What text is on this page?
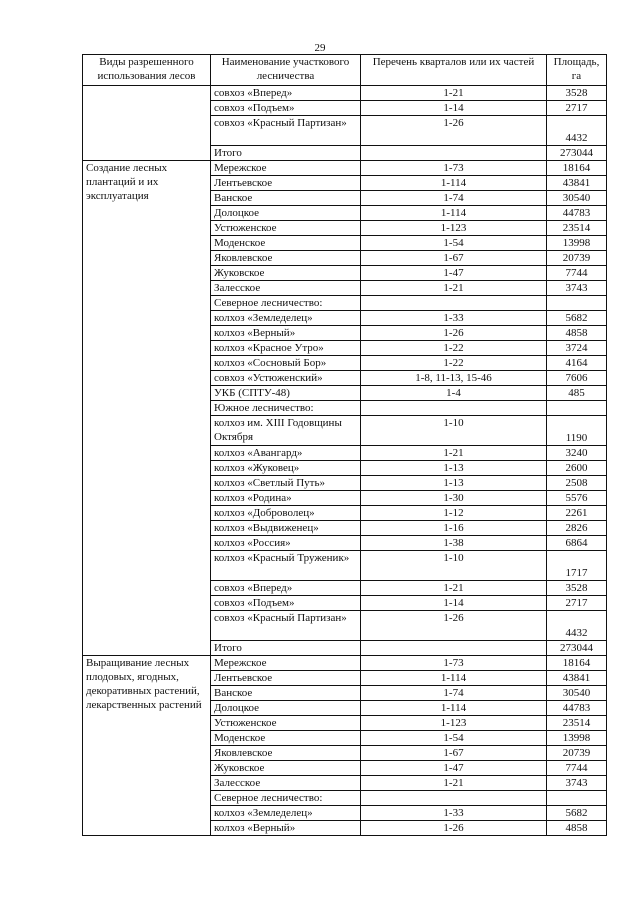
29
Виды разрешенного использования лесов	Наименование участкового лесничества	Перечень кварталов или их частей	Площадь, га

	совхоз «Вперед»	1-21	3528
	совхоз «Подъем»	1-14	2717
	совхоз «Красный Партизан»	1-26	4432
	Итого		273044

Создание лесных плантаций и их эксплуатация	Мережское	1-73	18164
	Лентьевское	1-114	43841
	Ванское	1-74	30540
	Долоцкое	1-114	44783
	Устюженское	1-123	23514
	Моденское	1-54	13998
	Яковлевское	1-67	20739
	Жуковское	1-47	7744
	Залесское	1-21	3743
	Северное лесничество:		
	колхоз «Земледелец»	1-33	5682
	колхоз «Верный»	1-26	4858
	колхоз «Красное Утро»	1-22	3724
	колхоз «Сосновый Бор»	1-22	4164
	совхоз «Устюженский»	1-8, 11-13, 15-46	7606
	УКБ (СПТУ-48)	1-4	485
	Южное лесничество:		
	колхоз им. XIII Годовщины Октября	1-10	1190
	колхоз «Авангард»	1-21	3240
	колхоз «Жуковец»	1-13	2600
	колхоз «Светлый Путь»	1-13	2508
	колхоз «Родина»	1-30	5576
	колхоз «Доброволец»	1-12	2261
	колхоз «Выдвиженец»	1-16	2826
	колхоз «Россия»	1-38	6864
	колхоз «Красный Труженик»	1-10	1717
	совхоз «Вперед»	1-21	3528
	совхоз «Подъем»	1-14	2717
	совхоз «Красный Партизан»	1-26	4432
	Итого		273044

Выращивание лесных плодовых, ягодных, декоративных растений, лекарственных растений	Мережское	1-73	18164
	Лентьевское	1-114	43841
	Ванское	1-74	30540
	Долоцкое	1-114	44783
	Устюженское	1-123	23514
	Моденское	1-54	13998
	Яковлевское	1-67	20739
	Жуковское	1-47	7744
	Залесское	1-21	3743
	Северное лесничество:		
	колхоз «Земледелец»	1-33	5682
	колхоз «Верный»	1-26	4858
